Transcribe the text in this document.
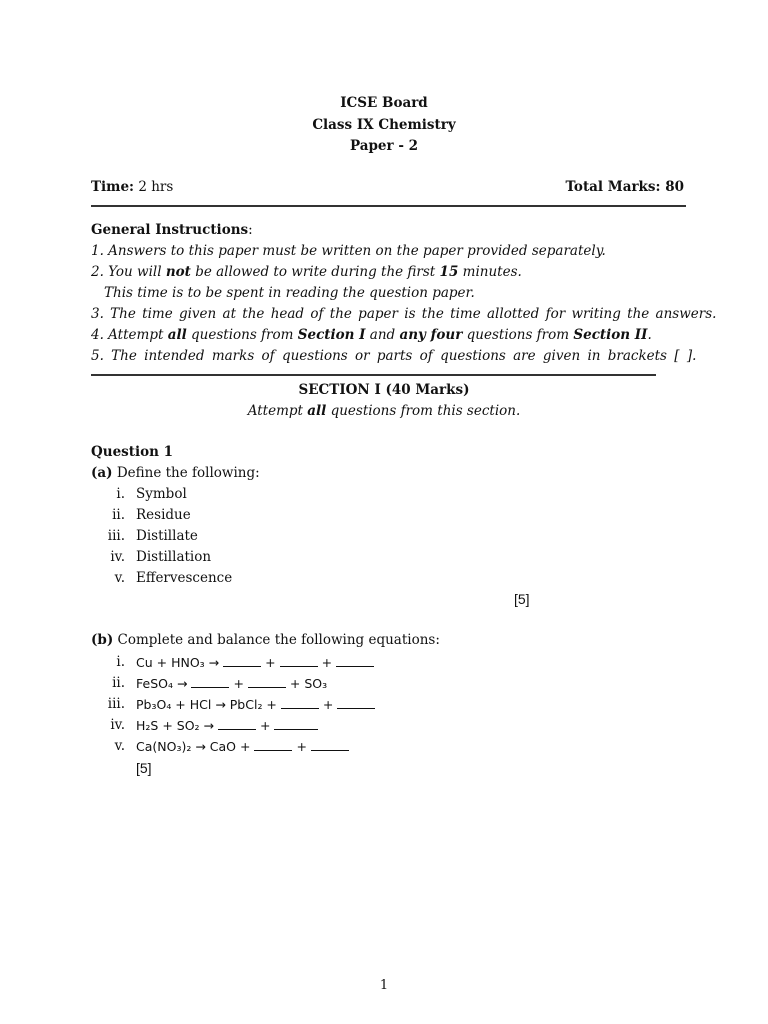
ICSE Board
Class IX Chemistry
Paper - 2
Time: 2 hrs	Total Marks: 80
General Instructions:
1. Answers to this paper must be written on the paper provided separately.
2. You will not be allowed to write during the first 15 minutes.
This time is to be spent in reading the question paper.
3. The time given at the head of the paper is the time allotted for writing the answers.
4. Attempt all questions from Section I and any four questions from Section II.
5. The intended marks of questions or parts of questions are given in brackets [ ].
SECTION I (40 Marks)
Attempt all questions from this section.
Question 1
(a) Define the following:
i. Symbol
ii. Residue
iii. Distillate
iv. Distillation
v. Effervescence
[5]
(b) Complete and balance the following equations:
i. Cu + HNO₃ →	+	+
ii. FeSO₄ →	+	+ SO₃
iii. Pb₃O₄ + HCl → PbCl₂ +	+
iv. H₂S + SO₂ →	+
v. Ca(NO₃)₂ → CaO +	+
[5]
1
